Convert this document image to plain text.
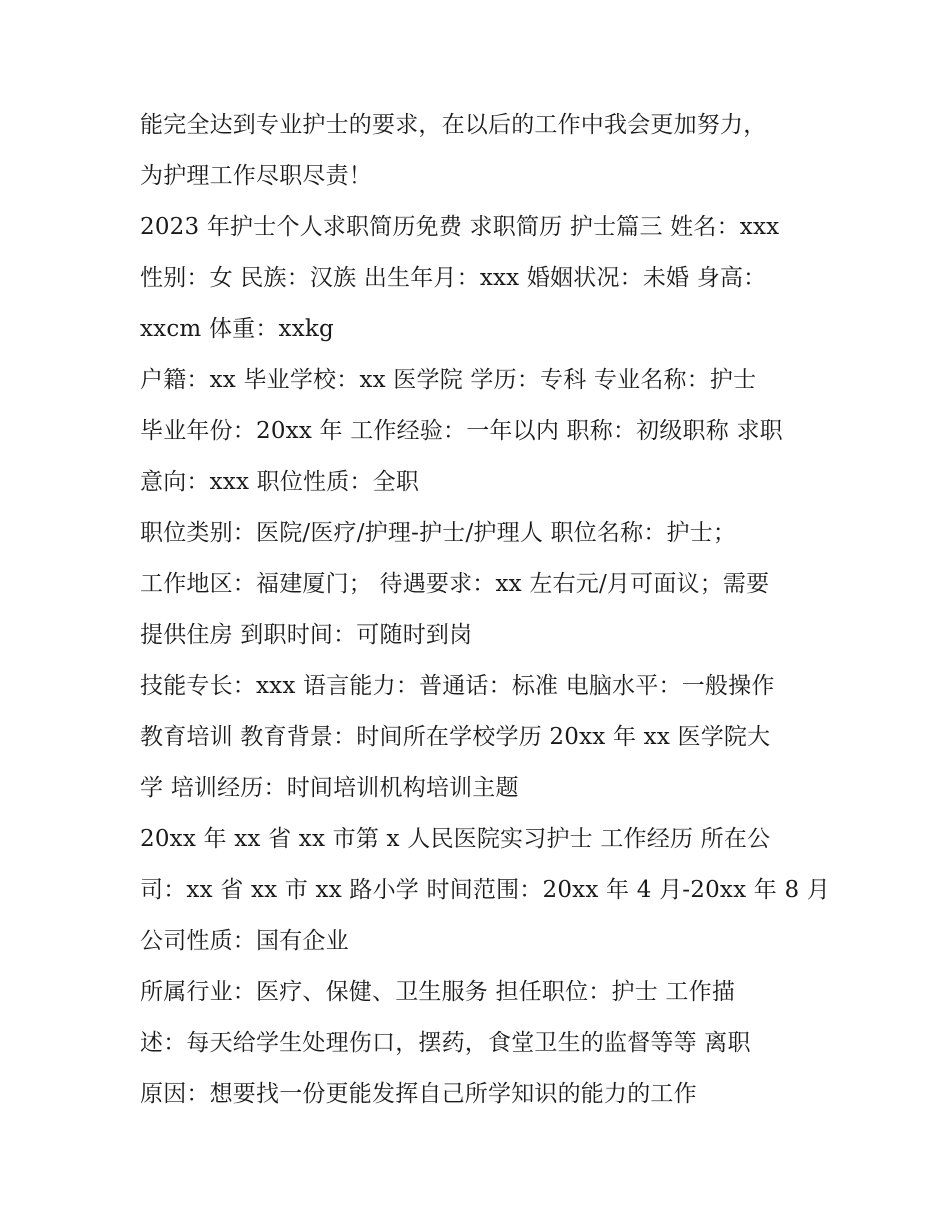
能完全达到专业护士的要求，在以后的工作中我会更加努力，
为护理工作尽职尽责！
2023 年护士个人求职简历免费 求职简历 护士篇三 姓名：xxx
性别：女 民族：汉族 出生年月：xxx 婚姻状况：未婚 身高：
xxcm 体重：xxkg
户籍：xx 毕业学校：xx 医学院 学历：专科 专业名称：护士
毕业年份：20xx 年 工作经验：一年以内 职称：初级职称 求职
意向：xxx 职位性质：全职
职位类别：医院/医疗/护理-护士/护理人 职位名称：护士；
工作地区：福建厦门； 待遇要求：xx 左右元/月可面议；需要
提供住房 到职时间：可随时到岗
技能专长：xxx 语言能力：普通话：标准 电脑水平：一般操作
教育培训 教育背景：时间所在学校学历 20xx 年 xx 医学院大
学 培训经历：时间培训机构培训主题
20xx 年 xx 省 xx 市第 x 人民医院实习护士 工作经历 所在公
司：xx 省 xx 市 xx 路小学 时间范围：20xx 年 4 月-20xx 年 8 月
公司性质：国有企业
所属行业：医疗、保健、卫生服务 担任职位：护士 工作描
述：每天给学生处理伤口，摆药，食堂卫生的监督等等 离职
原因：想要找一份更能发挥自己所学知识的能力的工作
